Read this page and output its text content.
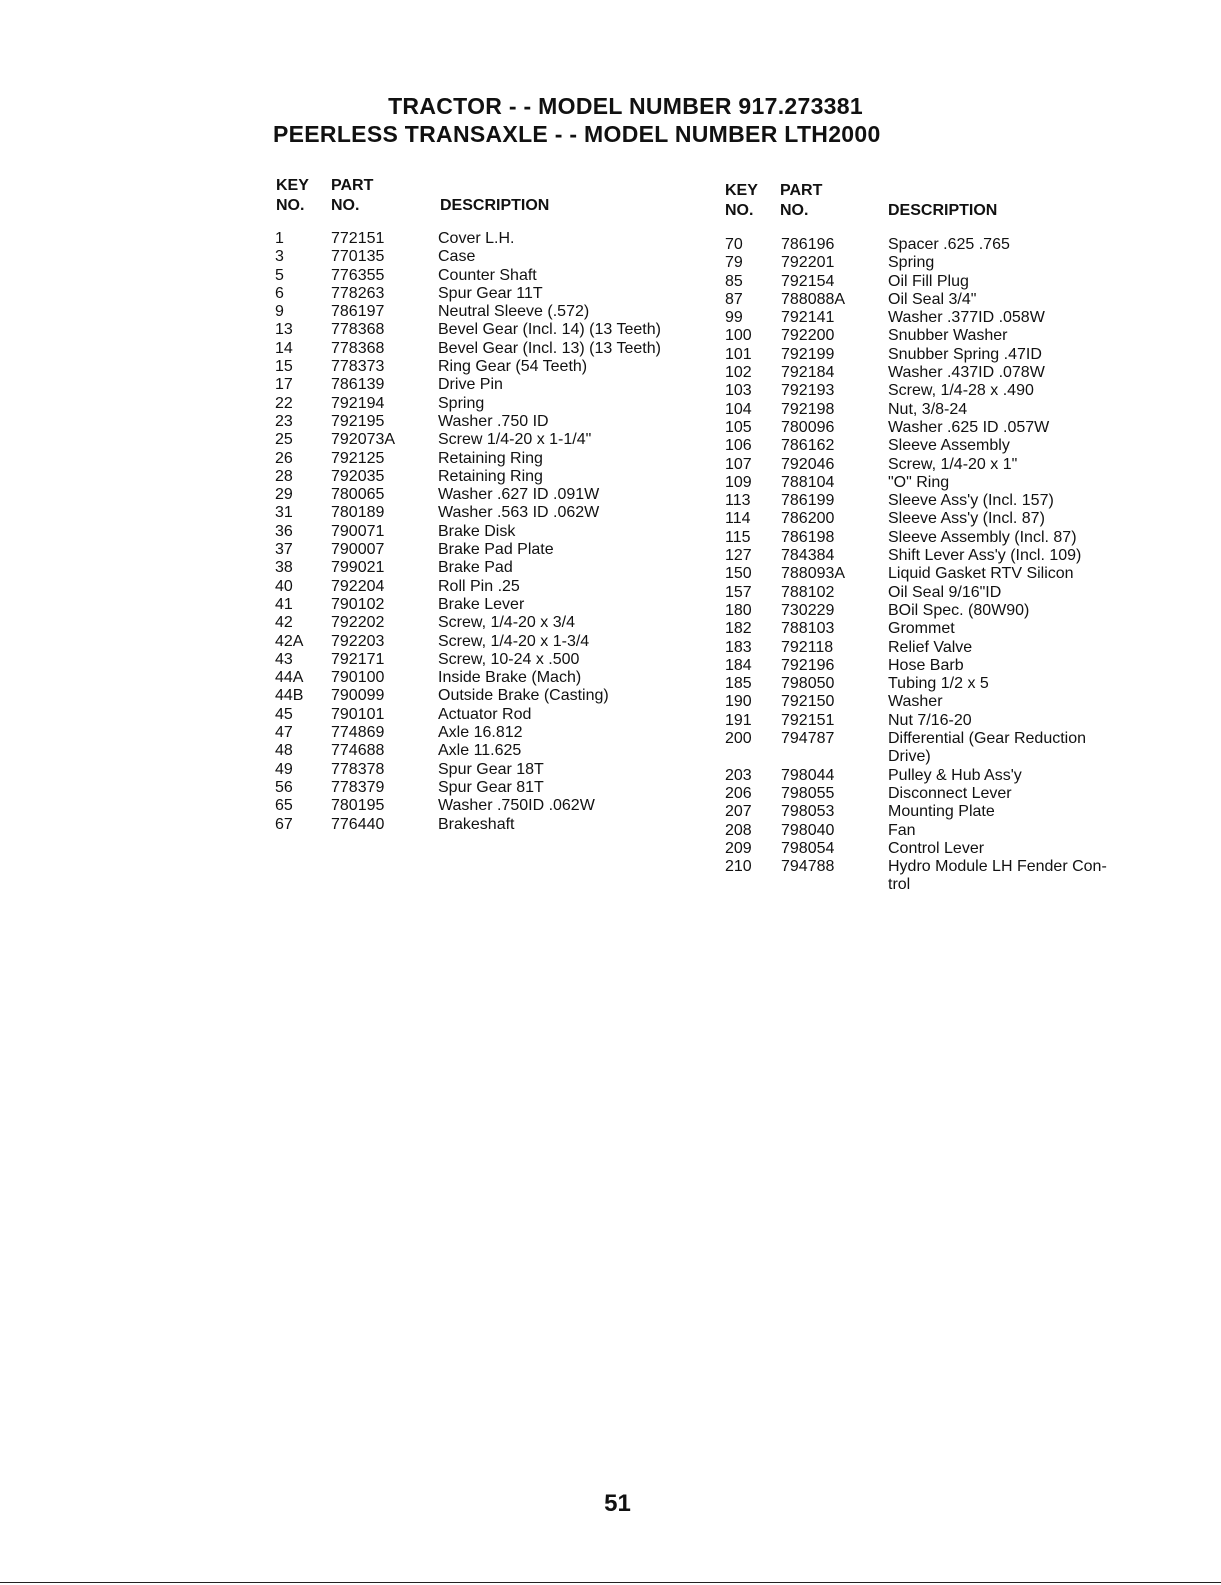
TRACTOR - - MODEL NUMBER 917.273381
PEERLESS TRANSAXLE - - MODEL NUMBER LTH2000
KEY
NO.
PART
NO.	DESCRIPTION
KEY
NO.
PART
NO.	DESCRIPTION
1	772151	Cover L.H.
3	770135	Case
5	776355	Counter Shaft
6	778263	Spur Gear 11T
9	786197	Neutral Sleeve (.572)
13 778368	Bevel Gear (Incl. 14) (13 Teeth)
14 778368	Bevel Gear (Incl. 13) (13 Teeth)
15 778373	Ring Gear (54 Teeth)
17 786139	Drive Pin
22 792194	Spring
23 792195	Washer .750 ID
25 792073A	Screw 1/4-20 x 1-1/4"
26 792125	Retaining Ring
28 792035	Retaining Ring
29 780065	Washer .627 ID .091W
31 780189	Washer .563 ID .062W
36 790071	Brake Disk
37 790007	Brake Pad Plate
38 799021	Brake Pad
40 792204	Roll Pin .25
41 790102	Brake Lever
42 792202	Screw, 1/4-20 x 3/4
42A 792203	Screw, 1/4-20 x 1-3/4
43 792171	Screw, 10-24 x .500
44A 790100	Inside Brake (Mach)
44B 790099	Outside Brake (Casting)
45 790101	Actuator Rod
47 774869	Axle 16.812
48 774688	Axle 11.625
49 778378	Spur Gear 18T
56 778379	Spur Gear 81T
65 780195	Washer .750ID .062W
67 776440	Brakeshaft
70 786196	Spacer .625 .765
79 792201	Spring
85 792154	Oil Fill Plug
87 788088A	Oil Seal 3/4"
99 792141	Washer .377ID .058W
100 792200	Snubber Washer
101 792199	Snubber Spring .47ID
102 792184	Washer .437ID .078W
103 792193	Screw, 1/4-28 x .490
104 792198	Nut, 3/8-24
105 780096	Washer .625 ID .057W
106 786162	Sleeve Assembly
107 792046	Screw, 1/4-20 x 1"
109 788104	"O" Ring
113 786199	Sleeve Ass'y (Incl. 157)
114 786200	Sleeve Ass'y (Incl. 87)
115 786198	Sleeve Assembly (Incl. 87)
127 784384	Shift Lever Ass'y (Incl. 109)
150 788093A	Liquid Gasket RTV Silicon
157 788102	Oil Seal 9/16"ID
180 730229	BOil Spec. (80W90)
182 788103	Grommet
183 792118	Relief Valve
184 792196	Hose Barb
185 798050	Tubing 1/2 x 5
190 792150	Washer
191 792151	Nut 7/16-20
200 794787	Differential (Gear Reduction Drive)
203 798044	Pulley & Hub Ass'y
206 798055	Disconnect Lever
207 798053	Mounting Plate
208 798040	Fan
209 798054	Control Lever
210 794788	Hydro Module LH Fender Con-trol
51
